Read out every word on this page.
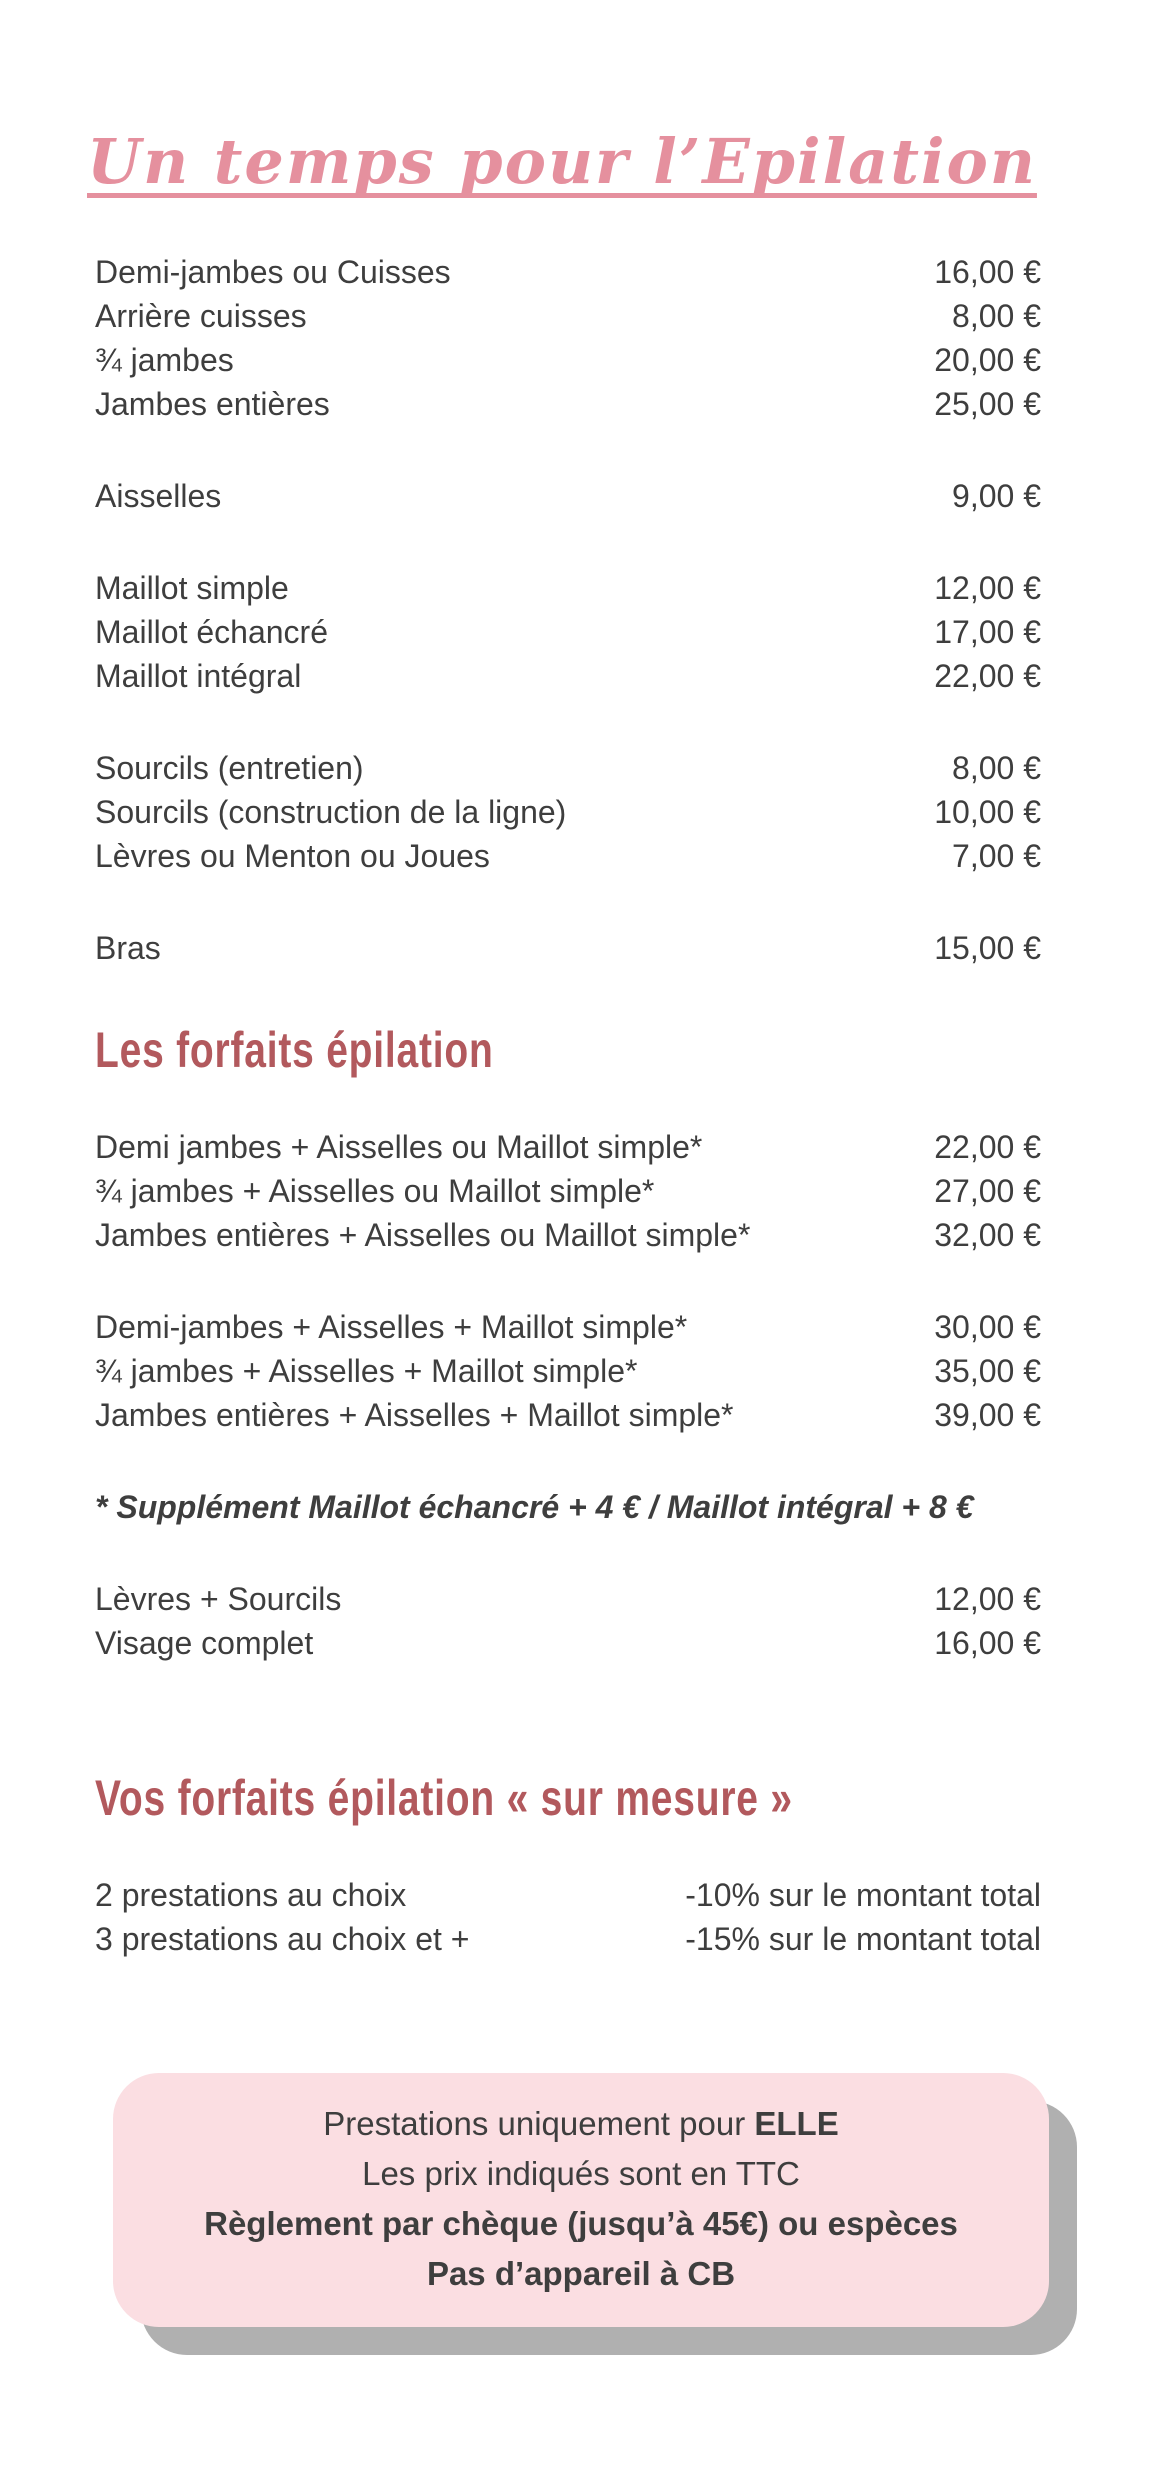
Un temps pour l’Epilation
Demi-jambes ou Cuisses	16,00 €
Arrière cuisses	8,00 €
¾ jambes	20,00 €
Jambes entières	25,00 €
Aisselles	9,00 €
Maillot simple	12,00 €
Maillot échancré	17,00 €
Maillot intégral	22,00 €
Sourcils (entretien)	8,00 €
Sourcils (construction de la ligne)	10,00 €
Lèvres ou Menton ou Joues	7,00 €
Bras	15,00 €
Les forfaits épilation
Demi jambes + Aisselles ou Maillot simple*	22,00 €
¾ jambes + Aisselles ou Maillot simple*	27,00 €
Jambes entières + Aisselles ou Maillot simple*	32,00 €
Demi-jambes + Aisselles + Maillot simple*	30,00 €
¾ jambes + Aisselles + Maillot simple*	35,00 €
Jambes entières + Aisselles + Maillot simple*	39,00 €

* Supplément Maillot échancré + 4 € / Maillot intégral + 8 €

Lèvres + Sourcils	12,00 €
Visage complet	16,00 €
Vos forfaits épilation « sur mesure »
2 prestations au choix	-10% sur le montant total
3 prestations au choix et +	-15% sur le montant total

Prestations uniquement pour ELLE

Les prix indiqués sont en TTC

Règlement par chèque (jusqu’à 45€) ou espèces

Pas d’appareil à CB
